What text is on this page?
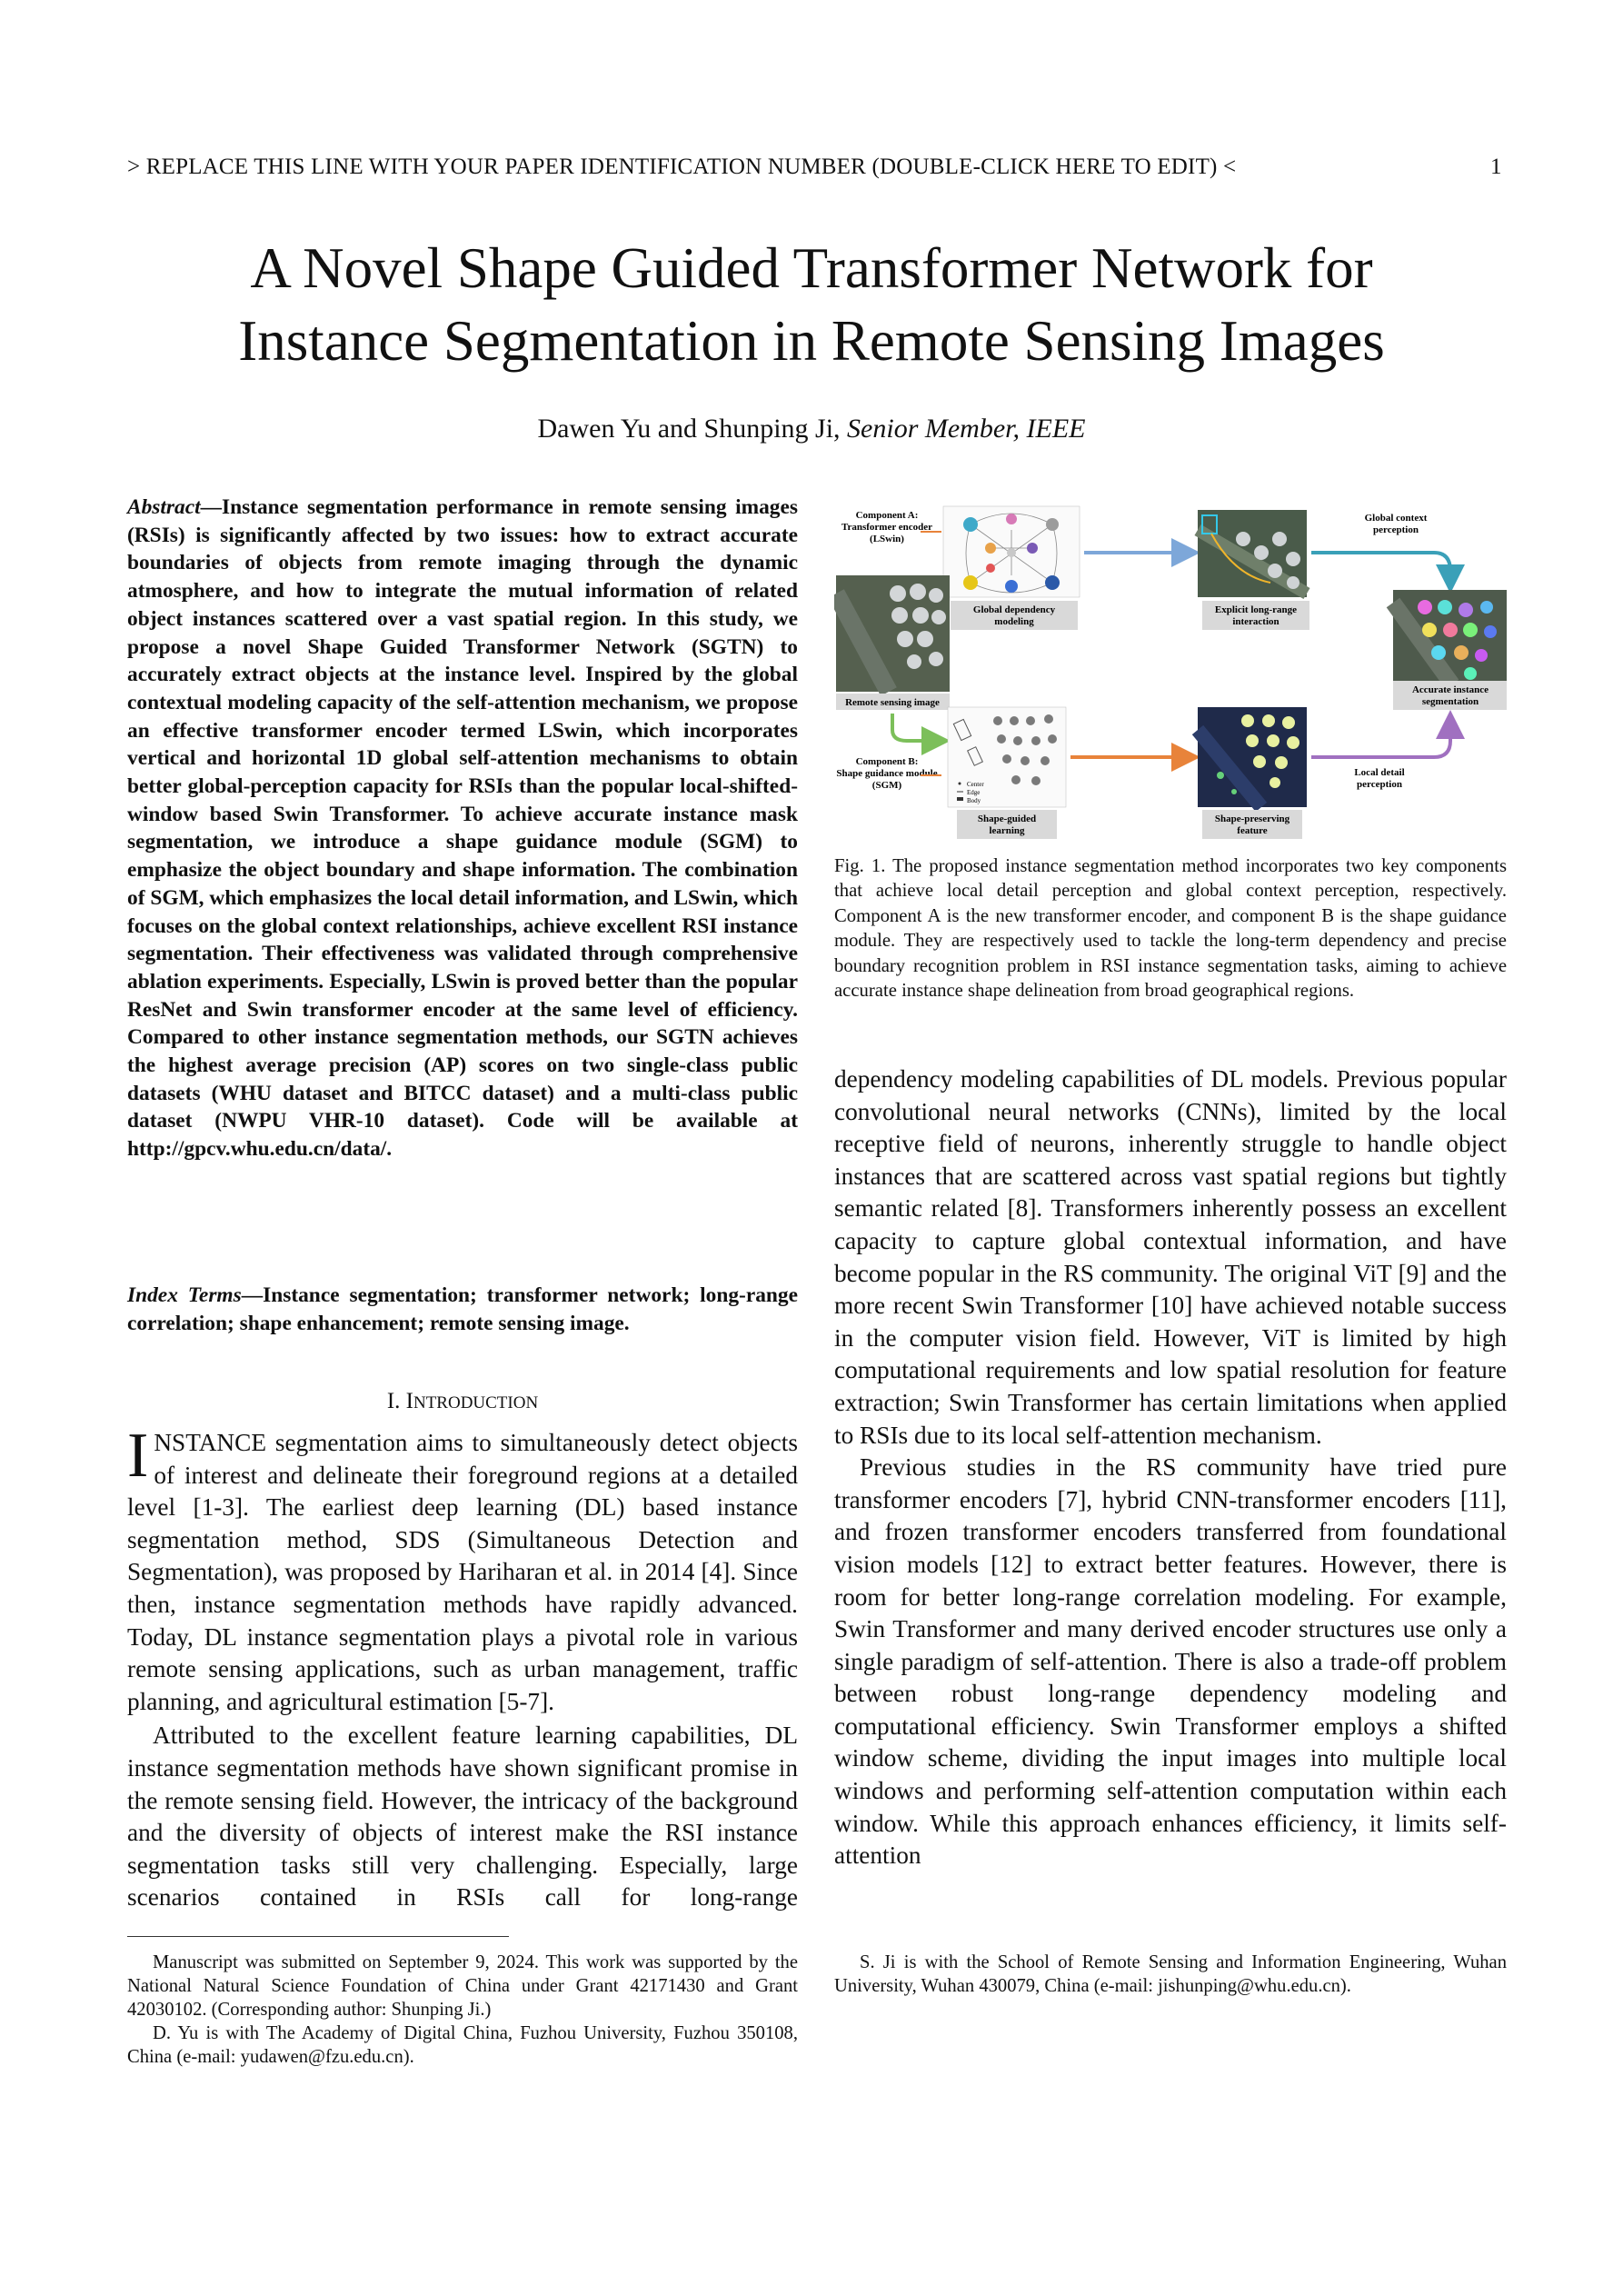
> REPLACE THIS LINE WITH YOUR PAPER IDENTIFICATION NUMBER (DOUBLE-CLICK HERE TO EDIT) <	1
A Novel Shape Guided Transformer Network for
Instance Segmentation in Remote Sensing Images
Dawen Yu and Shunping Ji, Senior Member, IEEE
Abstract—Instance segmentation performance in remote sensing images (RSIs) is significantly affected by two issues: how to extract accurate boundaries of objects from remote imaging through the dynamic atmosphere, and how to integrate the mutual information of related object instances scattered over a vast spatial region. In this study, we propose a novel Shape Guided Transformer Network (SGTN) to accurately extract objects at the instance level. Inspired by the global contextual modeling capacity of the self-attention mechanism, we propose an effective transformer encoder termed LSwin, which incorporates vertical and horizontal 1D global self-attention mechanisms to obtain better global-perception capacity for RSIs than the popular local-shifted-window based Swin Transformer. To achieve accurate instance mask segmentation, we introduce a shape guidance module (SGM) to emphasize the object boundary and shape information. The combination of SGM, which emphasizes the local detail information, and LSwin, which focuses on the global context relationships, achieve excellent RSI instance segmentation. Their effectiveness was validated through comprehensive ablation experiments. Especially, LSwin is proved better than the popular ResNet and Swin transformer encoder at the same level of efficiency. Compared to other instance segmentation methods, our SGTN achieves the highest average precision (AP) scores on two single-class public datasets (WHU dataset and BITCC dataset) and a multi-class public dataset (NWPU VHR-10 dataset). Code will be available at http://gpcv.whu.edu.cn/data/.
Index Terms—Instance segmentation; transformer network; long-range correlation; shape enhancement; remote sensing image.
I. INTRODUCTION

INSTANCE segmentation aims to simultaneously detect objects of interest and delineate their foreground regions at a detailed level [1-3]. The earliest deep learning (DL) based instance segmentation method, SDS (Simultaneous Detection and Segmentation), was proposed by Hariharan et al. in 2014 [4]. Since then, instance segmentation methods have rapidly advanced. Today, DL instance segmentation plays a pivotal role in various remote sensing applications, such as urban management, traffic planning, and agricultural estimation [5-7].

Attributed to the excellent feature learning capabilities, DL instance segmentation methods have shown significant promise in the remote sensing field. However, the intricacy of the background and the diversity of objects of interest make the RSI instance segmentation tasks still very challenging. Especially, large scenarios contained in RSIs call for long-range

Manuscript was submitted on September 9, 2024. This work was supported by the National Natural Science Foundation of China under Grant 42171430 and Grant 42030102. (Corresponding author: Shunping Ji.)

D. Yu is with The Academy of Digital China, Fuzhou University, Fuzhou 350108, China (e-mail: yudawen@fzu.edu.cn).

Component A:
Transformer encoder
(LSwin)
Global dependency
modeling
Explicit long-range
interaction
Global context
perception
Remote sensing image
Accurate instance
segmentation
Component B:
Shape guidance module
(SGM)	Center
Edge
Body
Shape-guided
learning
Shape-preserving
feature
Local detail
perception
Fig. 1. The proposed instance segmentation method incorporates two key components that achieve local detail perception and global context perception, respectively. Component A is the new transformer encoder, and component B is the shape guidance module. They are respectively used to tackle the long-term dependency and precise boundary recognition problem in RSI instance segmentation tasks, aiming to achieve accurate instance shape delineation from broad geographical regions.

dependency modeling capabilities of DL models. Previous popular convolutional neural networks (CNNs), limited by the local receptive field of neurons, inherently struggle to handle object instances that are scattered across vast spatial regions but tightly semantic related [8]. Transformers inherently possess an excellent capacity to capture global contextual information, and have become popular in the RS community. The original ViT [9] and the more recent Swin Transformer [10] have achieved notable success in the computer vision field. However, ViT is limited by high computational requirements and low spatial resolution for feature extraction; Swin Transformer has certain limitations when applied to RSIs due to its local self-attention mechanism.

Previous studies in the RS community have tried pure transformer encoders [7], hybrid CNN-transformer encoders [11], and frozen transformer encoders transferred from foundational vision models [12] to extract better features. However, there is room for better long-range correlation modeling. For example, Swin Transformer and many derived encoder structures use only a single paradigm of self-attention. There is also a trade-off problem between robust long-range dependency modeling and computational efficiency. Swin Transformer employs a shifted window scheme, dividing the input images into multiple local windows and performing self-attention computation within each window. While this approach enhances efficiency, it limits self-attention

S. Ji is with the School of Remote Sensing and Information Engineering, Wuhan University, Wuhan 430079, China (e-mail: jishunping@whu.edu.cn).
